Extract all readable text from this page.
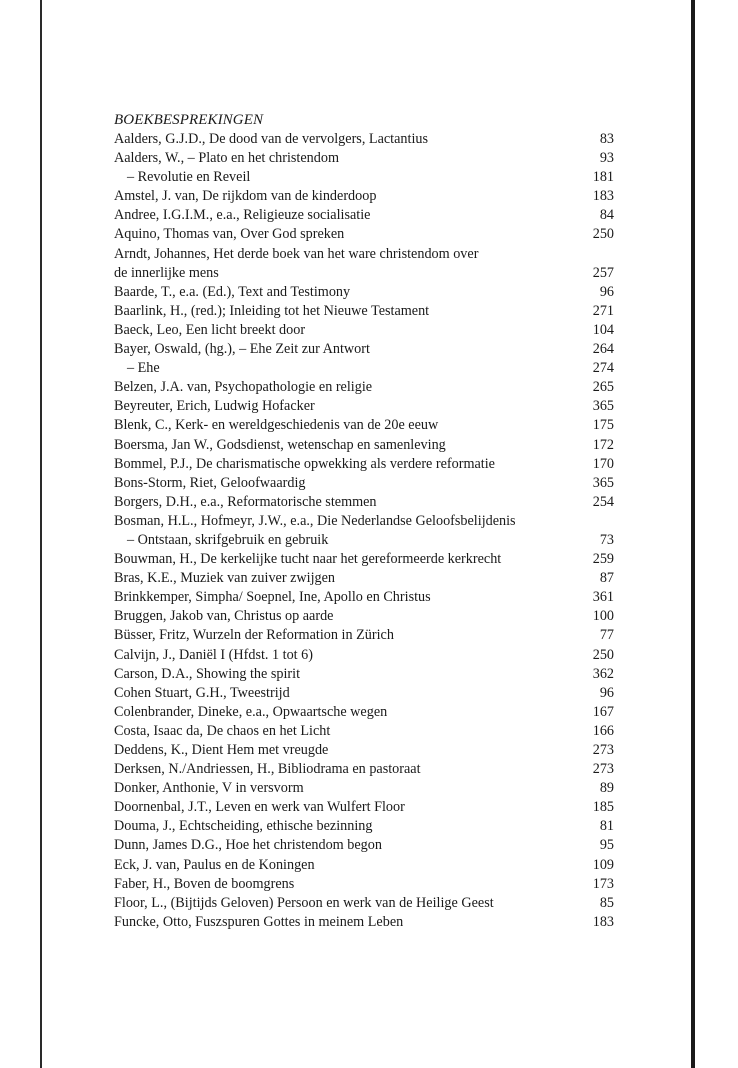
BOEKBESPREKINGEN
Aalders, G.J.D., De dood van de vervolgers, Lactantius	83
Aalders, W., – Plato en het christendom	93
– Revolutie en Reveil	181
Amstel, J. van, De rijkdom van de kinderdoop	183
Andree, I.G.I.M., e.a., Religieuze socialisatie	84
Aquino, Thomas van, Over God spreken	250
Arndt, Johannes, Het derde boek van het ware christendom over
de innerlijke mens	257
Baarde, T., e.a. (Ed.), Text and Testimony	96
Baarlink, H., (red.); Inleiding tot het Nieuwe Testament	271
Baeck, Leo, Een licht breekt door	104
Bayer, Oswald, (hg.), – Ehe Zeit zur Antwort	264
– Ehe	274
Belzen, J.A. van, Psychopathologie en religie	265
Beyreuter, Erich, Ludwig Hofacker	365
Blenk, C., Kerk- en wereldgeschiedenis van de 20e eeuw	175
Boersma, Jan W., Godsdienst, wetenschap en samenleving	172
Bommel, P.J., De charismatische opwekking als verdere reformatie	170
Bons-Storm, Riet, Geloofwaardig	365
Borgers, D.H., e.a., Reformatorische stemmen	254
Bosman, H.L., Hofmeyr, J.W., e.a., Die Nederlandse Geloofsbelijdenis
– Ontstaan, skrifgebruik en gebruik	73
Bouwman, H., De kerkelijke tucht naar het gereformeerde kerkrecht	259
Bras, K.E., Muziek van zuiver zwijgen	87
Brinkkemper, Simpha/ Soepnel, Ine, Apollo en Christus	361
Bruggen, Jakob van, Christus op aarde	100
Büsser, Fritz, Wurzeln der Reformation in Zürich	77
Calvijn, J., Daniël I (Hfdst. 1 tot 6)	250
Carson, D.A., Showing the spirit	362
Cohen Stuart, G.H., Tweestrijd	96
Colenbrander, Dineke, e.a., Opwaartsche wegen	167
Costa, Isaac da, De chaos en het Licht	166
Deddens, K., Dient Hem met vreugde	273
Derksen, N./Andriessen, H., Bibliodrama en pastoraat	273
Donker, Anthonie, V in versvorm	89
Doornenbal, J.T., Leven en werk van Wulfert Floor	185
Douma, J., Echtscheiding, ethische bezinning	81
Dunn, James D.G., Hoe het christendom begon	95
Eck, J. van, Paulus en de Koningen	109
Faber, H., Boven de boomgrens	173
Floor, L., (Bijtijds Geloven) Persoon en werk van de Heilige Geest	85
Funcke, Otto, Fuszspuren Gottes in meinem Leben	183
